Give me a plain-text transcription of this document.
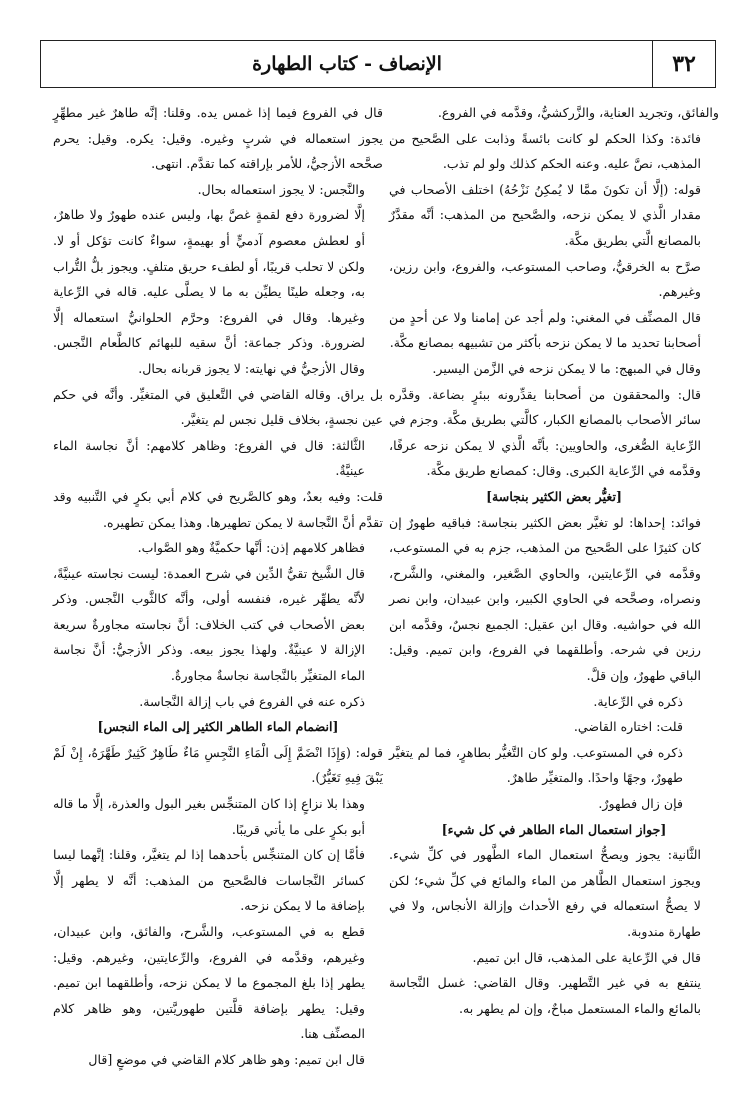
٣٢
الإنصاف - كتاب الطهارة

والفائق، وتجريد العناية، والزَّركشيُّ، وقدَّمه في الفروع.

فائدة: وكذا الحكم لو كانت بائسةً وذابت على الصَّحيح من المذهب، نصَّ عليه. وعنه الحكم كذلك ولو لم تذب.

قوله: (إلَّا أن تكونَ ممَّا لا يُمكِنُ نَزْحُهُ) اختلف الأصحاب في مقدار الَّذي لا يمكن نزحه، والصَّحيح من المذهب: أنَّه مقدَّرٌ بالمصانع الَّتي بطريق مكَّة.

صرَّح به الخرقيُّ، وصاحب المستوعب، والفروع، وابن رزين، وغيرهم.

قال المصنِّف في المغني: ولم أجد عن إمامنا ولا عن أحدٍ من أصحابنا تحديد ما لا يمكن نزحه بأكثر من تشبيهه بمصانع مكَّة.

وقال في المبهج: ما لا يمكن نزحه في الزَّمن اليسير.

قال: والمحققون من أصحابنا يقدِّرونه ببئرٍ بضاعة. وقدَّره سائر الأصحاب بالمصانع الكبار، كالَّتي بطريق مكَّة. وجزم في الرِّعاية الصُّغرى، والحاويين: بأنَّه الَّذي لا يمكن نزحه عرفًا، وقدَّمه في الرِّعاية الكبرى. وقال: كمصانع طريق مكَّة.

[تغيُّر بعض الكثير بنجاسة]

فوائد: إحداها: لو تغيَّر بعض الكثير بنجاسة: فباقيه طهورٌ إن كان كثيرًا على الصَّحيح من المذهب، جزم به في المستوعب، وقدَّمه في الرِّعايتين، والحاوي الصَّغير، والمغني، والشَّرح، ونصراه، وصحَّحه في الحاوي الكبير، وابن عبيدان، وابن نصر الله في حواشيه. وقال ابن عقيل: الجميع نجسٌ، وقدَّمه ابن رزين في شرحه. وأطلقهما في الفروع، وابن تميم. وقيل: الباقي طهورٌ، وإن قلَّ.

ذكره في الرِّعاية.

قلت: اختاره القاضي.

ذكره في المستوعب. ولو كان التَّغيُّر بطاهرٍ، فما لم يتغيَّر طهورٌ، وجهًا واحدًا. والمتغيِّر طاهرٌ.

فإن زال فطهورٌ.

[جواز استعمال الماء الطاهر في كل شيء]

الثَّانية: يجوز ويصحُّ استعمال الماء الطَّهور في كلِّ شيء. ويجوز استعمال الطَّاهر من الماء والمائع في كلِّ شيء؛ لكن لا يصحُّ استعماله في رفع الأحداث وإزالة الأنجاس، ولا في طهارة مندوبة.

قال في الرِّعاية على المذهب، قال ابن تميم.

ينتفع به في غير التَّطهير. وقال القاضي: غسل النَّجاسة بالمائع والماء المستعمل مباحٌ، وإن لم يطهر به.

قال في الفروع فيما إذا غمس يده. وقلنا: إنَّه طاهرٌ غير مطهِّرٍ يجوز استعماله في شربٍ وغيره. وقيل: يكره. وقيل: يحرم صحَّحه الأزجيُّ، للأمر بإراقته كما تقدَّم. انتهى.

والنَّجس: لا يجوز استعماله بحال.

إلَّا لضرورة دفع لقمةٍ غصَّ بها، وليس عنده طهورٌ ولا طاهرٌ، أو لعطش معصوم آدميٍّ أو بهيمةٍ، سواءٌ كانت تؤكل أو لا. ولكن لا تحلب قريبًا، أو لطفء حريق متلفٍ. ويجوز بلُّ التُّراب به، وجعله طينًا يطيِّن به ما لا يصلَّى عليه. قاله في الرِّعاية وغيرها. وقال في الفروع: وحرَّم الحلوانيُّ استعماله إلَّا لضرورة. وذكر جماعة: أنَّ سقيه للبهائم كالطَّعام النَّجس. وقال الأزجيُّ في نهايته: لا يجوز قربانه بحال.

بل يراق. وقاله القاضي في التَّعليق في المتغيِّر. وأنَّه في حكم عين نجسةٍ، بخلاف قليل نجس لم يتغيَّر.

الثَّالثة: قال في الفروع: وظاهر كلامهم: أنَّ نجاسة الماء عينيَّةٌ.

قلت: وفيه بعدٌ، وهو كالصَّريح في كلام أبي بكرٍ في التَّنبيه وقد تقدَّم أنَّ النَّجاسة لا يمكن تطهيرها. وهذا يمكن تطهيره.

فظاهر كلامهم إذن: أنَّها حكميَّةٌ وهو الصَّواب.

قال الشَّيخ تقيُّ الدِّين في شرح العمدة: ليست نجاسته عينيَّةً، لأنَّه يطهِّر غيره، فنفسه أولى، وأنَّه كالثَّوب النَّجس. وذكر بعض الأصحاب في كتب الخلاف: أنَّ نجاسته مجاورةٌ سريعة الإزالة لا عينيَّةٌ. ولهذا يجوز بيعه. وذكر الأزجيُّ: أنَّ نجاسة الماء المتغيِّر بالنَّجاسة نجاسةٌ مجاورةٌ.

ذكره عنه في الفروع في باب إزالة النَّجاسة.

[انضمام الماء الطاهر الكثير إلى الماء النجس]

قوله: (وَإِذَا انْضَمَّ إِلَى الْمَاءِ النَّجِسِ مَاءٌ طَاهِرٌ كَثِيرٌ طَهَّرَهُ، إِنْ لَمْ يَبْقَ فِيهِ تَغَيُّرٌ).

وهذا بلا نزاعٍ إذا كان المتنجِّس بغير البول والعذرة، إلَّا ما قاله أبو بكرٍ على ما يأتي قريبًا.

فأمَّا إن كان المتنجِّس بأحدهما إذا لم يتغيَّر، وقلنا: إنَّهما ليسا كسائر النَّجاسات فالصَّحيح من المذهب: أنَّه لا يطهر إلَّا بإضافة ما لا يمكن نزحه.

قطع به في المستوعب، والشَّرح، والفائق، وابن عبيدان، وغيرهم، وقدَّمه في الفروع، والرِّعايتين، وغيرهم. وقيل: يطهر إذا بلغ المجموع ما لا يمكن نزحه، وأطلقهما ابن تميم. وقيل: يطهر بإضافة قلَّتين طهوريَّتين، وهو ظاهر كلام المصنِّف هنا.

قال ابن تميم: وهو ظاهر كلام القاضي في موضعٍ [قال
